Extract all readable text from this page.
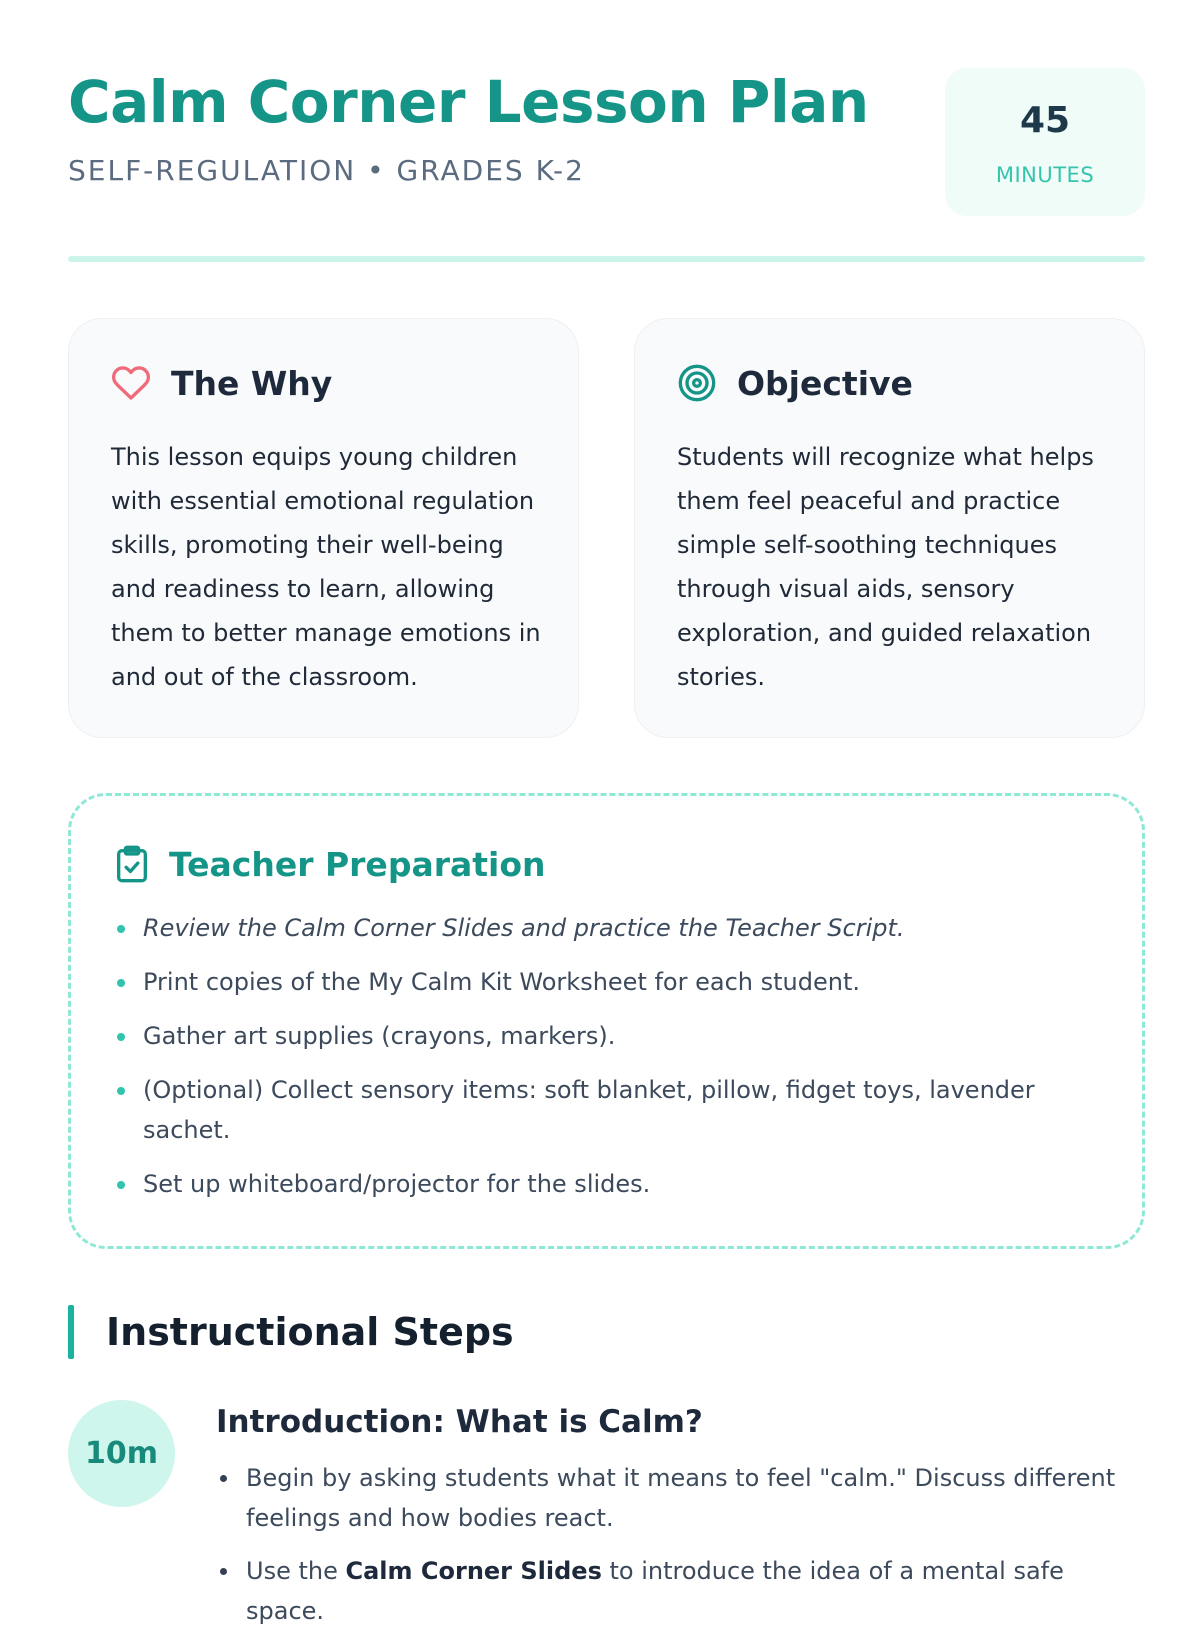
Calm Corner Lesson Plan
SELF-REGULATION • GRADES K-2
45
MINUTES
The Why

This lesson equips young children with essential emotional regulation skills, promoting their well-being and readiness to learn, allowing them to better manage emotions in and out of the classroom.

Objective

Students will recognize what helps them feel peaceful and practice simple self-soothing techniques through visual aids, sensory exploration, and guided relaxation stories.

Teacher Preparation
Review the Calm Corner Slides and practice the Teacher Script.
Print copies of the My Calm Kit Worksheet for each student.
Gather art supplies (crayons, markers).
(Optional) Collect sensory items: soft blanket, pillow, fidget toys, lavender sachet.
Set up whiteboard/projector for the slides.
Instructional Steps
10m
Introduction: What is Calm?
Begin by asking students what it means to feel "calm." Discuss different feelings and how bodies react.
Use the Calm Corner Slides to introduce the idea of a mental safe space.
